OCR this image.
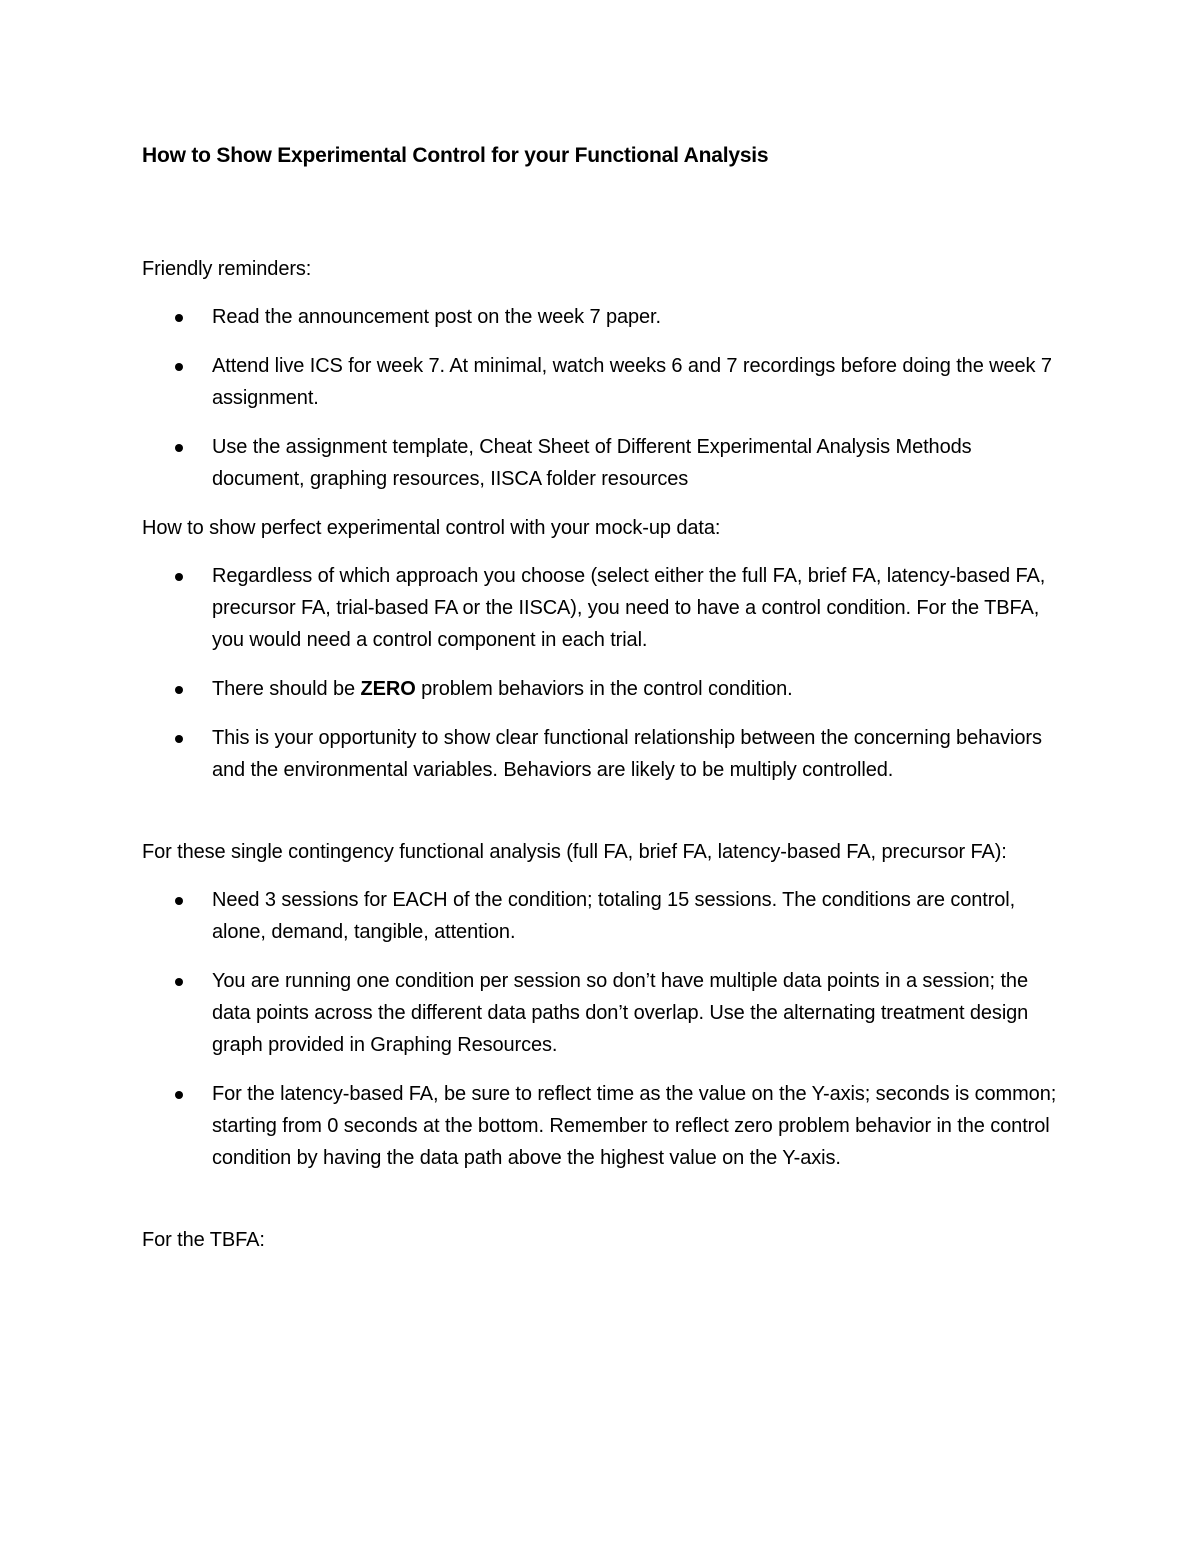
How to Show Experimental Control for your Functional Analysis

Friendly reminders:

Read the announcement post on the week 7 paper.
Attend live ICS for week 7. At minimal, watch weeks 6 and 7 recordings before doing the week 7 assignment.
Use the assignment template, Cheat Sheet of Different Experimental Analysis Methods document, graphing resources, IISCA folder resources

How to show perfect experimental control with your mock-up data:

Regardless of which approach you choose (select either the full FA, brief FA, latency-based FA, precursor FA, trial-based FA or the IISCA), you need to have a control condition. For the TBFA, you would need a control component in each trial.
There should be ZERO problem behaviors in the control condition.
This is your opportunity to show clear functional relationship between the concerning behaviors and the environmental variables. Behaviors are likely to be multiply controlled.

For these single contingency functional analysis (full FA, brief FA, latency-based FA, precursor FA):

Need 3 sessions for EACH of the condition; totaling 15 sessions. The conditions are control, alone, demand, tangible, attention.
You are running one condition per session so don’t have multiple data points in a session; the data points across the different data paths don’t overlap. Use the alternating treatment design graph provided in Graphing Resources.
For the latency-based FA, be sure to reflect time as the value on the Y-axis; seconds is common; starting from 0 seconds at the bottom. Remember to reflect zero problem behavior in the control condition by having the data path above the highest value on the Y-axis.

For the TBFA:
